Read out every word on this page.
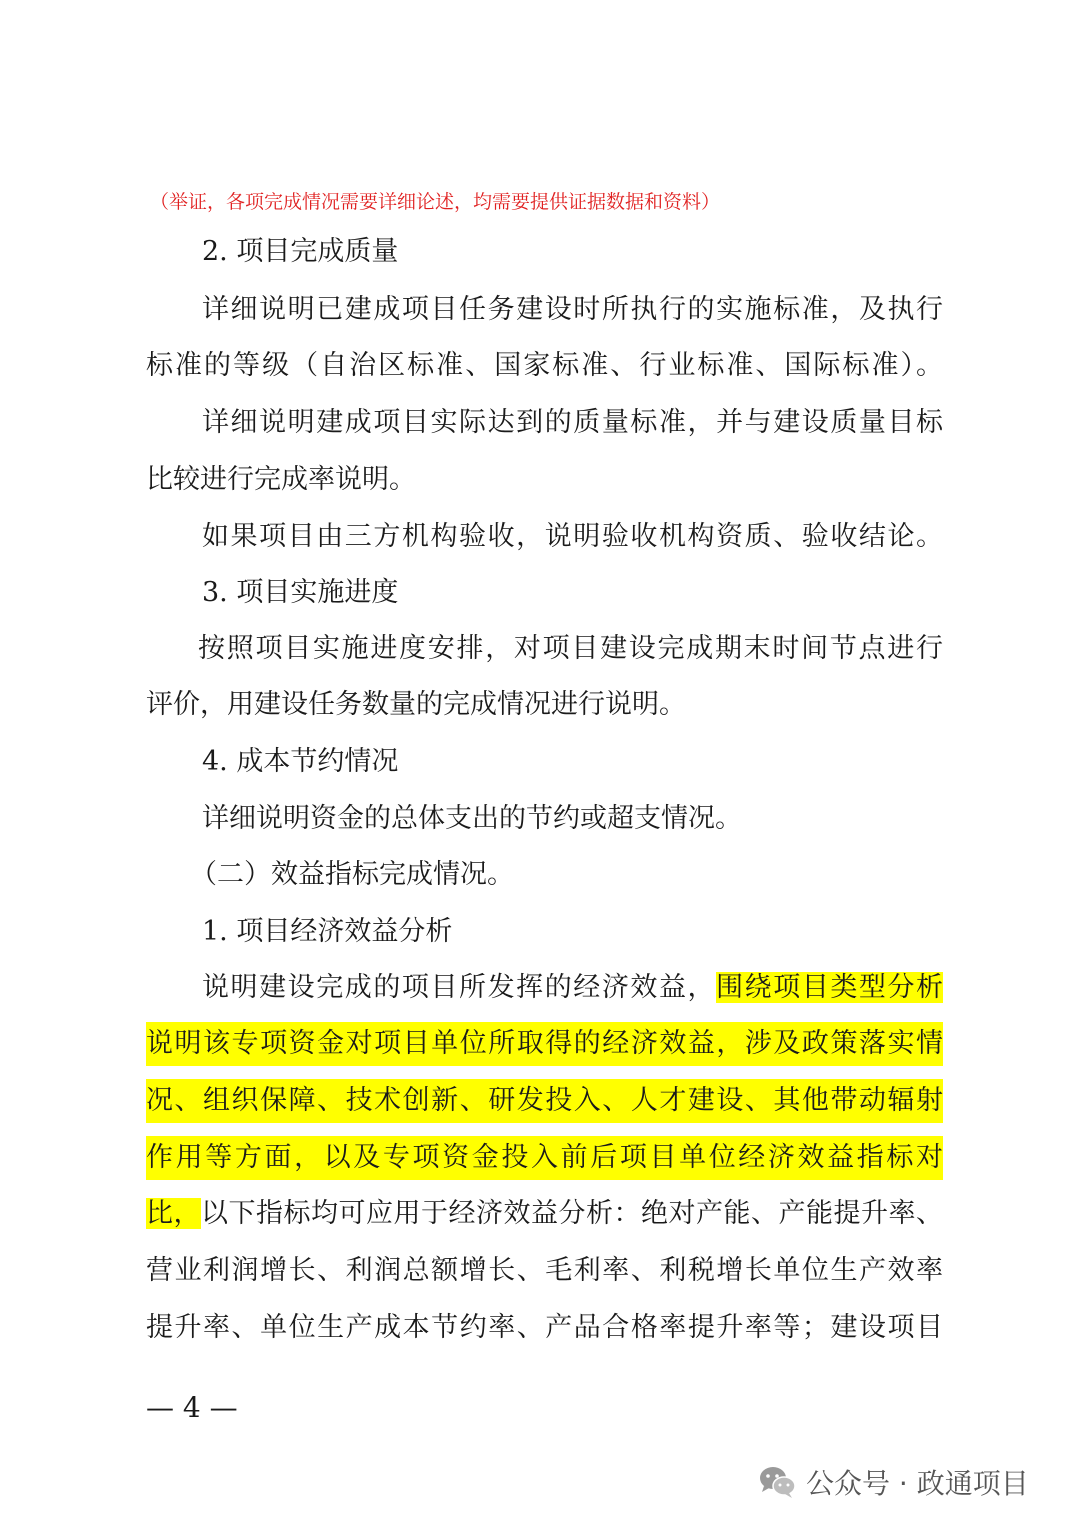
（举证，各项完成情况需要详细论述，均需要提供证据数据和资料）
2. 项目完成质量
详细说明已建成项目任务建设时所执行的实施标准，及执行
标准的等级（自治区标准、国家标准、行业标准、国际标准）。
详细说明建成项目实际达到的质量标准，并与建设质量目标
比较进行完成率说明。
如果项目由三方机构验收，说明验收机构资质、验收结论。
3. 项目实施进度
按照项目实施进度安排，对项目建设完成期末时间节点进行
评价，用建设任务数量的完成情况进行说明。
4. 成本节约情况
详细说明资金的总体支出的节约或超支情况。
（二）效益指标完成情况。
1. 项目经济效益分析
说明建设完成的项目所发挥的经济效益，围绕项目类型分析
说明该专项资金对项目单位所取得的经济效益，涉及政策落实情
况、组织保障、技术创新、研发投入、人才建设、其他带动辐射
作用等方面，以及专项资金投入前后项目单位经济效益指标对
比，以下指标均可应用于经济效益分析：绝对产能、产能提升率、
营业利润增长、利润总额增长、毛利率、利税增长单位生产效率
提升率、单位生产成本节约率、产品合格率提升率等；建设项目
— 4 —
公众号 · 政通项目
